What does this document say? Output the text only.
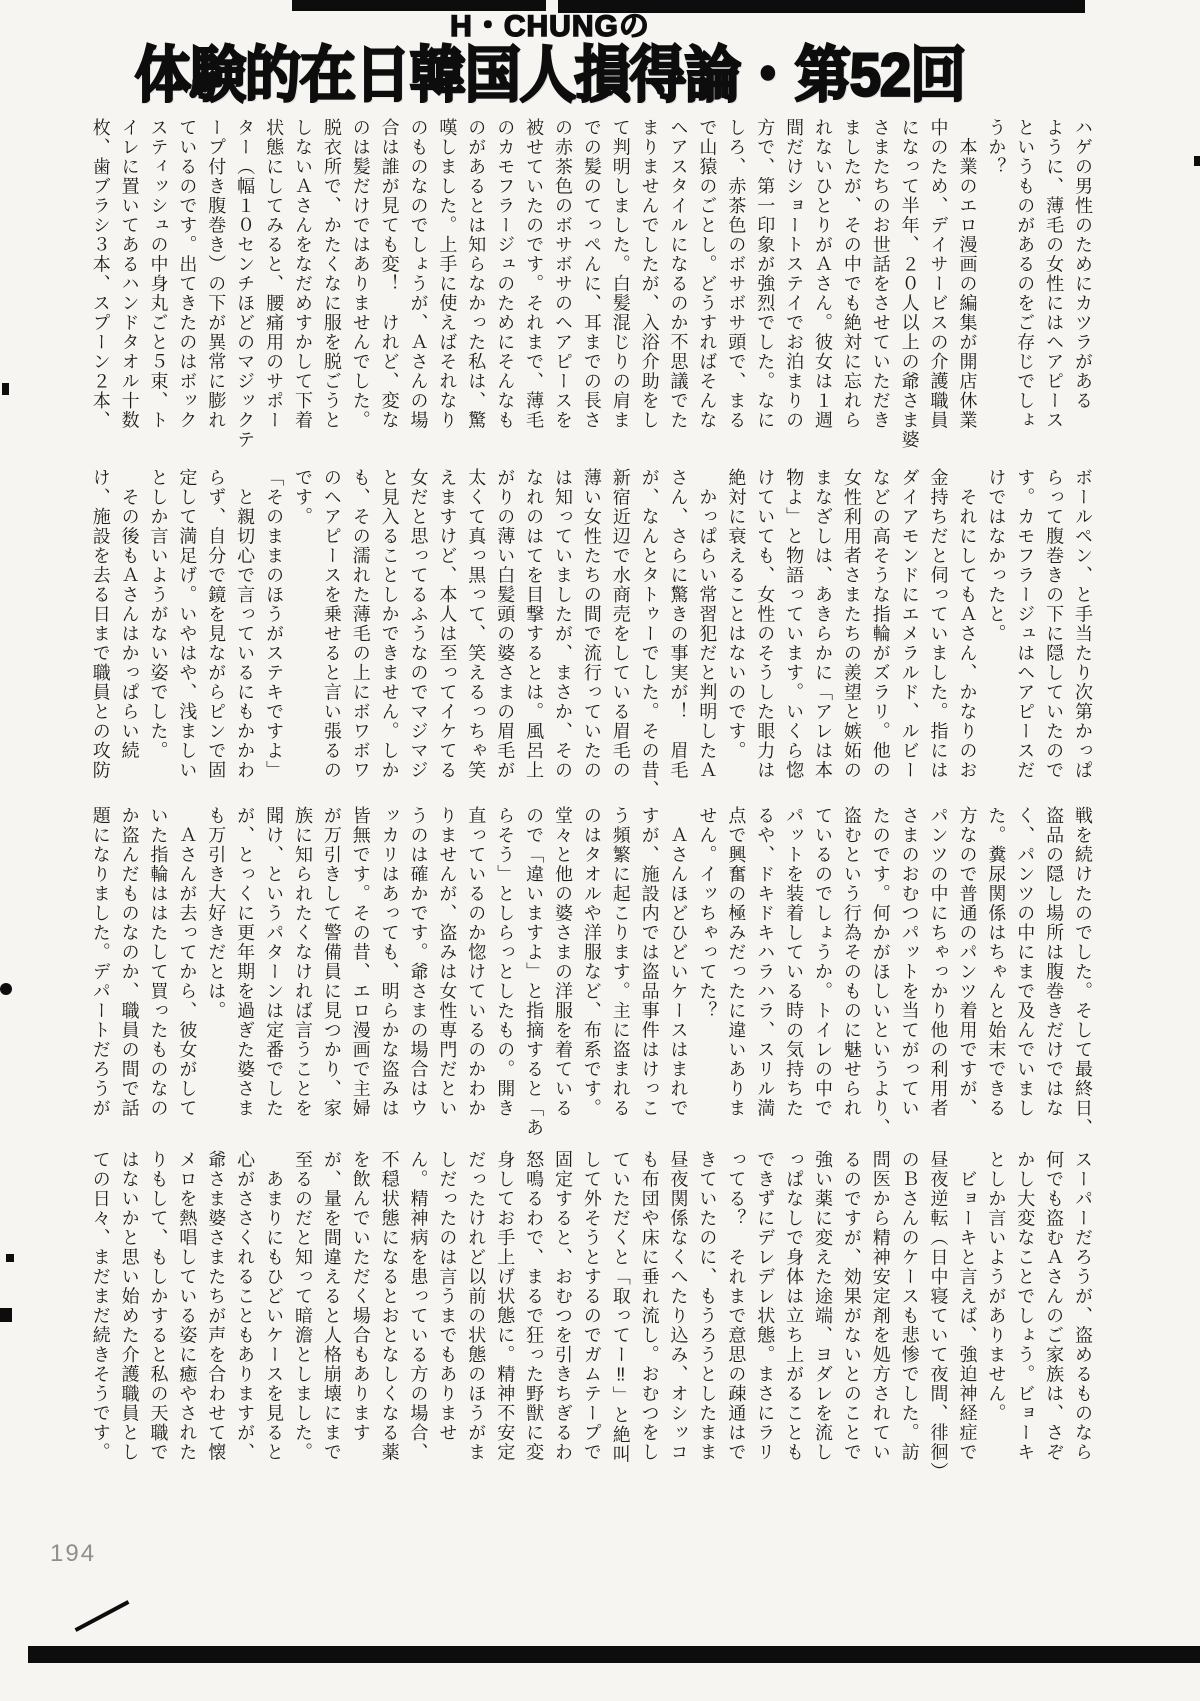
H・CHUNGの
体験的在日韓国人損得論・第52回
ハゲの男性のためにカツラがある
ように、薄毛の女性にはヘアピース
というものがあるのをご存じでしょ
うか？
　本業のエロ漫画の編集が開店休業
中のため、デイサービスの介護職員
になって半年、２０人以上の爺さま婆
さまたちのお世話をさせていただき
ましたが、その中でも絶対に忘れら
れないひとりがＡさん。彼女は１週
間だけショートステイでお泊まりの
方で、第一印象が強烈でした。なに
しろ、赤茶色のボサボサ頭で、まる
で山猿のごとし。どうすればそんな
ヘアスタイルになるのか不思議でた
まりませんでしたが、入浴介助をし
て判明しました。白髪混じりの肩ま
での髪のてっぺんに、耳までの長さ
の赤茶色のボサボサのヘアピースを
被せていたのです。それまで、薄毛
のカモフラージュのためにそんなも
のがあるとは知らなかった私は、驚
嘆しました。上手に使えばそれなり
のものなのでしょうが、Ａさんの場
合は誰が見ても変！　けれど、変な
のは髪だけではありませんでした。
脱衣所で、かたくなに服を脱ごうと
しないＡさんをなだめすかして下着
状態にしてみると、腰痛用のサポー
ター（幅１０センチほどのマジックテ
ープ付き腹巻き）の下が異常に膨れ
ているのです。出てきたのはボック
スティッシュの中身丸ごと５束、ト
イレに置いてあるハンドタオル十数
枚、歯ブラシ３本、スプーン２本、
ボールペン、と手当たり次第かっぱ
らって腹巻きの下に隠していたので
す。カモフラージュはヘアピースだ
けではなかったと。
　それにしてもＡさん、かなりのお
金持ちだと伺っていました。指には
ダイアモンドにエメラルド、ルビー
などの高そうな指輪がズラリ。他の
女性利用者さまたちの羨望と嫉妬の
まなざしは、あきらかに「アレは本
物よ」と物語っています。いくら惚
けていても、女性のそうした眼力は
絶対に衰えることはないのです。
　かっぱらい常習犯だと判明したＡ
さん、さらに驚きの事実が！　眉毛
が、なんとタトゥーでした。その昔、
新宿近辺で水商売をしている眉毛の
薄い女性たちの間で流行っていたの
は知っていましたが、まさか、その
なれのはてを目撃するとは。風呂上
がりの薄い白髪頭の婆さまの眉毛が
太くて真っ黒って、笑えるっちゃ笑
えますけど、本人は至ってイケてる
女だと思ってるふうなのでマジマジ
と見入ることしかできません。しか
も、その濡れた薄毛の上にボワボワ
のヘアピースを乗せると言い張るの
です。
「そのままのほうがステキですよ」
　と親切心で言っているにもかかわ
らず、自分で鏡を見ながらピンで固
定して満足げ。いやはや、浅ましい
としか言いようがない姿でした。
　その後もＡさんはかっぱらい続
け、施設を去る日まで職員との攻防
戦を続けたのでした。そして最終日、
盗品の隠し場所は腹巻きだけではな
く、パンツの中にまで及んでいまし
た。糞尿関係はちゃんと始末できる
方なので普通のパンツ着用ですが、
パンツの中にちゃっかり他の利用者
さまのおむつパットを当てがってい
たのです。何かがほしいというより、
盗むという行為そのものに魅せられ
ているのでしょうか。トイレの中で
パットを装着している時の気持ちた
るや、ドキドキハラハラ、スリル満
点で興奮の極みだったに違いありま
せん。イッちゃってた？
　Ａさんほどひどいケースはまれで
すが、施設内では盗品事件はけっこ
う頻繁に起こります。主に盗まれる
のはタオルや洋服など、布系です。
堂々と他の婆さまの洋服を着ている
ので「違いますよ」と指摘すると「あ
らそう」としらっとしたもの。開き
直っているのか惚けているのかわか
りませんが、盗みは女性専門だとい
うのは確かです。爺さまの場合はウ
ッカリはあっても、明らかな盗みは
皆無です。その昔、エロ漫画で主婦
が万引きして警備員に見つかり、家
族に知られたくなければ言うことを
聞け、というパターンは定番でした
が、とっくに更年期を過ぎた婆さま
も万引き大好きだとは。
　Ａさんが去ってから、彼女がして
いた指輪ははたして買ったものなの
か盗んだものなのか、職員の間で話
題になりました。デパートだろうが
スーパーだろうが、盗めるものなら
何でも盗むＡさんのご家族は、さぞ
かし大変なことでしょう。ビョーキ
としか言いようがありません。
　ビョーキと言えば、強迫神経症で
昼夜逆転（日中寝ていて夜間、徘徊）
のＢさんのケースも悲惨でした。訪
問医から精神安定剤を処方されてい
るのですが、効果がないとのことで
強い薬に変えた途端、ヨダレを流し
っぱなしで身体は立ち上がることも
できずにデレデレ状態。まさにラリ
ってる？　それまで意思の疎通はで
きていたのに、もうろうとしたまま
昼夜関係なくへたり込み、オシッコ
も布団や床に垂れ流し。おむつをし
ていただくと「取ってー‼」と絶叫
して外そうとするのでガムテープで
固定すると、おむつを引きちぎるわ
怒鳴るわで、まるで狂った野獣に変
身してお手上げ状態に。精神不安定
だったけれど以前の状態のほうがま
しだったのは言うまでもありませ
ん。精神病を患っている方の場合、
不穏状態になるとおとなしくなる薬
を飲んでいただく場合もあります
が、量を間違えると人格崩壊にまで
至るのだと知って暗澹としました。
　あまりにもひどいケースを見ると
心がささくれることもありますが、
爺さま婆さまたちが声を合わせて懐
メロを熱唱している姿に癒やされた
りもして、もしかすると私の天職で
はないかと思い始めた介護職員とし
ての日々、まだまだ続きそうです。
194
